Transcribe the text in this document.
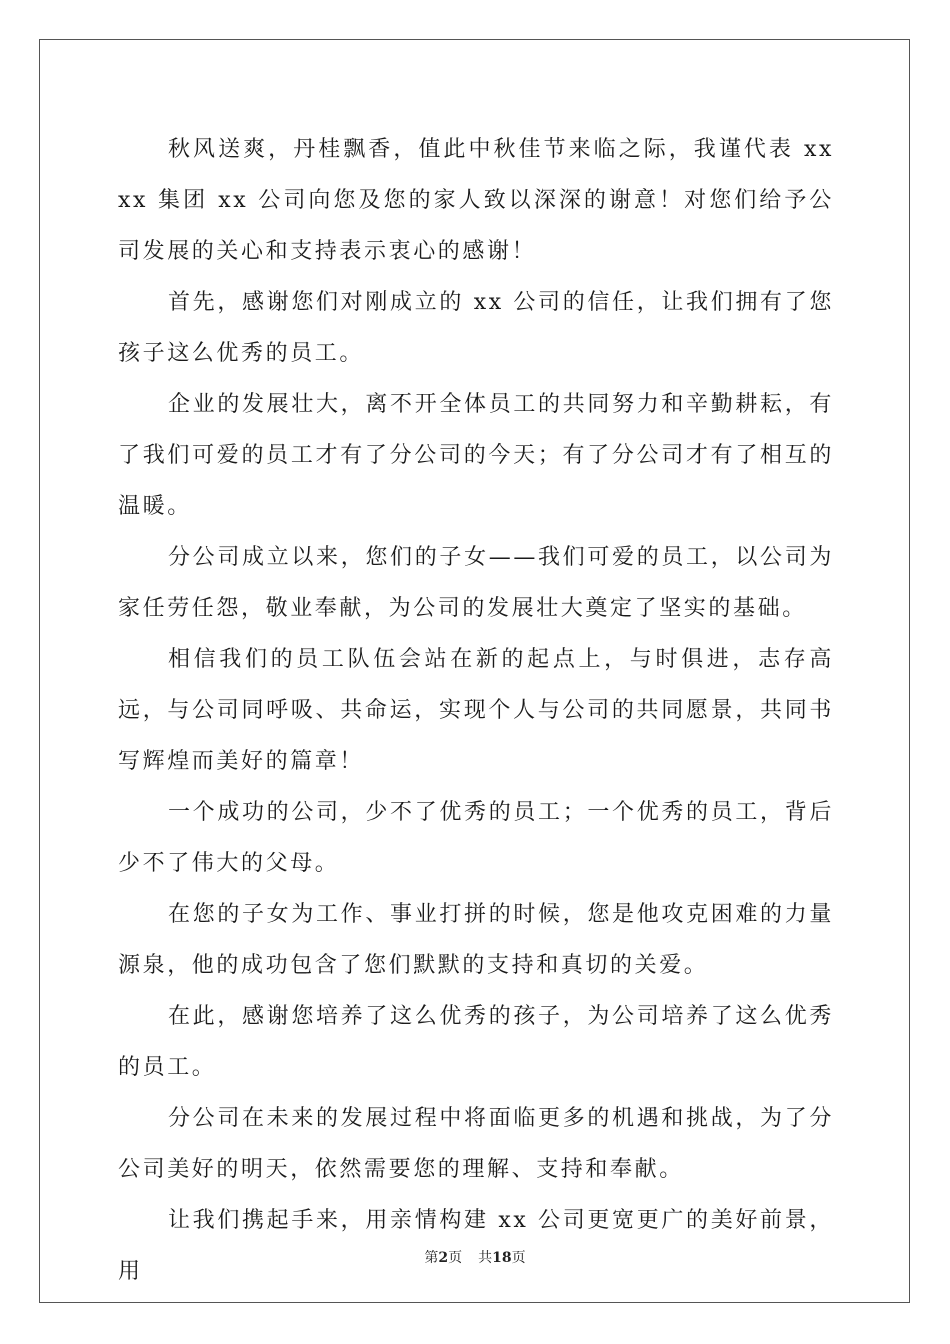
秋风送爽，丹桂飘香，值此中秋佳节来临之际，我谨代表 xxxx 集团 xx 公司向您及您的家人致以深深的谢意！对您们给予公司发展的关心和支持表示衷心的感谢！

首先，感谢您们对刚成立的 xx 公司的信任，让我们拥有了您孩子这么优秀的员工。

企业的发展壮大，离不开全体员工的共同努力和辛勤耕耘，有了我们可爱的员工才有了分公司的今天；有了分公司才有了相互的温暖。

分公司成立以来，您们的子女——我们可爱的员工，以公司为家任劳任怨，敬业奉献，为公司的发展壮大奠定了坚实的基础。

相信我们的员工队伍会站在新的起点上，与时俱进，志存高远，与公司同呼吸、共命运，实现个人与公司的共同愿景，共同书写辉煌而美好的篇章！

一个成功的公司，少不了优秀的员工；一个优秀的员工，背后少不了伟大的父母。

在您的子女为工作、事业打拼的时候，您是他攻克困难的力量源泉，他的成功包含了您们默默的支持和真切的关爱。

在此，感谢您培养了这么优秀的孩子，为公司培养了这么优秀的员工。

分公司在未来的发展过程中将面临更多的机遇和挑战，为了分公司美好的明天，依然需要您的理解、支持和奉献。

让我们携起手来，用亲情构建 xx 公司更宽更广的美好前景，用

第2页 共18页
